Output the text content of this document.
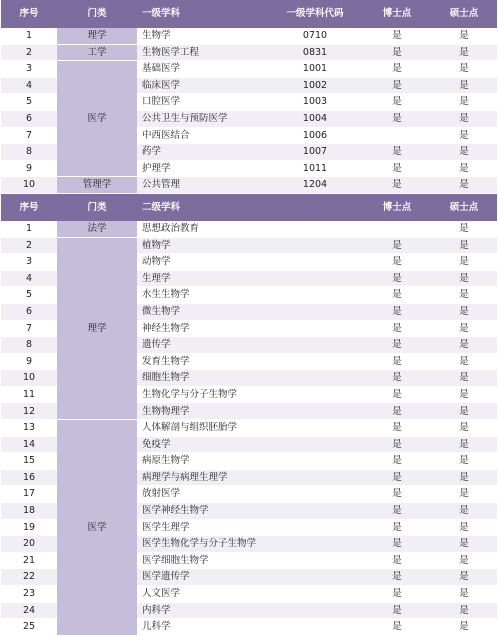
序号	门类	一级学科	一级学科代码	博士点	硕士点
1	理学	生物学	0710	是	是
2	工学	生物医学工程	0831	是	是
3	医学	基础医学	1001	是	是
4		临床医学	1002	是	是
5		口腔医学	1003	是	是
6		公共卫生与预防医学	1004	是	是
7		中西医结合	1006		是
8		药学	1007	是	是
9		护理学	1011	是	是
10	管理学	公共管理	1204	是	是
序号	门类	二级学科	博士点	硕士点
1	法学	思想政治教育		是
2	理学	植物学	是	是
3		动物学	是	是
4		生理学	是	是
5		水生生物学	是	是
6		微生物学	是	是
7		神经生物学	是	是
8		遗传学	是	是
9		发育生物学	是	是
10		细胞生物学	是	是
11		生物化学与分子生物学	是	是
12		生物物理学	是	是
13	医学	人体解剖与组织胚胎学	是	是
14		免疫学	是	是
15		病原生物学	是	是
16		病理学与病理生理学	是	是
17		放射医学	是	是
18		医学神经生物学	是	是
19		医学生理学	是	是
20		医学生物化学与分子生物学	是	是
21		医学细胞生物学	是	是
22		医学遗传学	是	是
23		人文医学	是	是
24		内科学	是	是
25		儿科学	是	是
